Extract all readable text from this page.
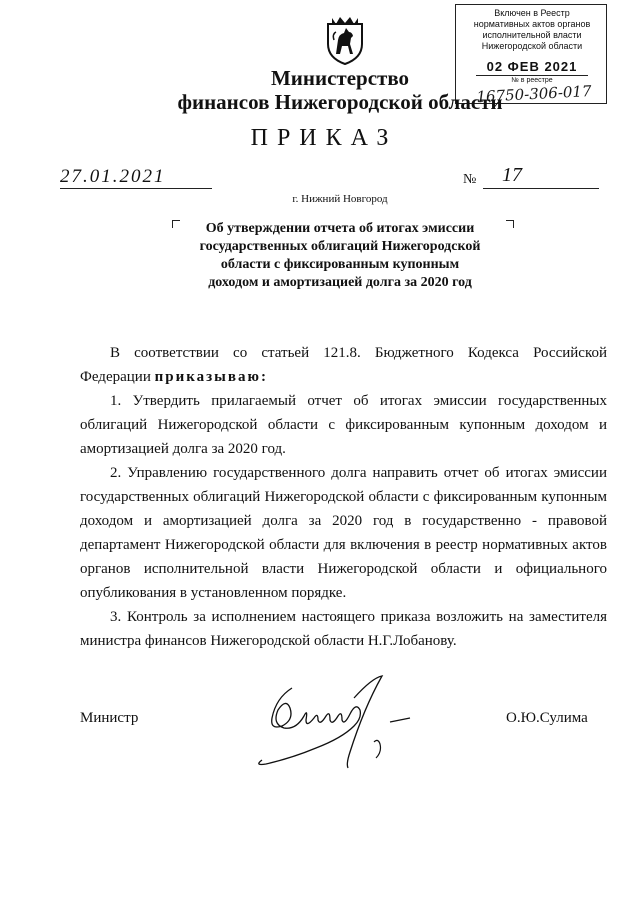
Включен в Реестр
нормативных актов органов
исполнительной власти
Нижегородской области
02 ФЕВ 2021
№ в реестре
16750-306-017
Министерство
финансов Нижегородской области
ПРИКАЗ
27.01.2021	№ 17
г. Нижний Новгород
Об утверждении отчета об итогах эмиссии
государственных облигаций Нижегородской
области с фиксированным купонным
доходом и амортизацией долга за 2020 год
В соответствии со статьей 121.8. Бюджетного Кодекса Российской Федерации приказываю:
1. Утвердить прилагаемый отчет об итогах эмиссии государственных облигаций Нижегородской области с фиксированным купонным доходом и амортизацией долга за 2020 год.
2. Управлению государственного долга направить отчет об итогах эмиссии государственных облигаций Нижегородской области с фиксированным купонным доходом и амортизацией долга за 2020 год в государственно - правовой департамент Нижегородской области для включения в реестр нормативных актов органов исполнительной власти Нижегородской области и официального опубликования в установленном порядке.
3. Контроль за исполнением настоящего приказа возложить на заместителя министра финансов Нижегородской области Н.Г.Лобанову.
Министр	О.Ю.Сулима
